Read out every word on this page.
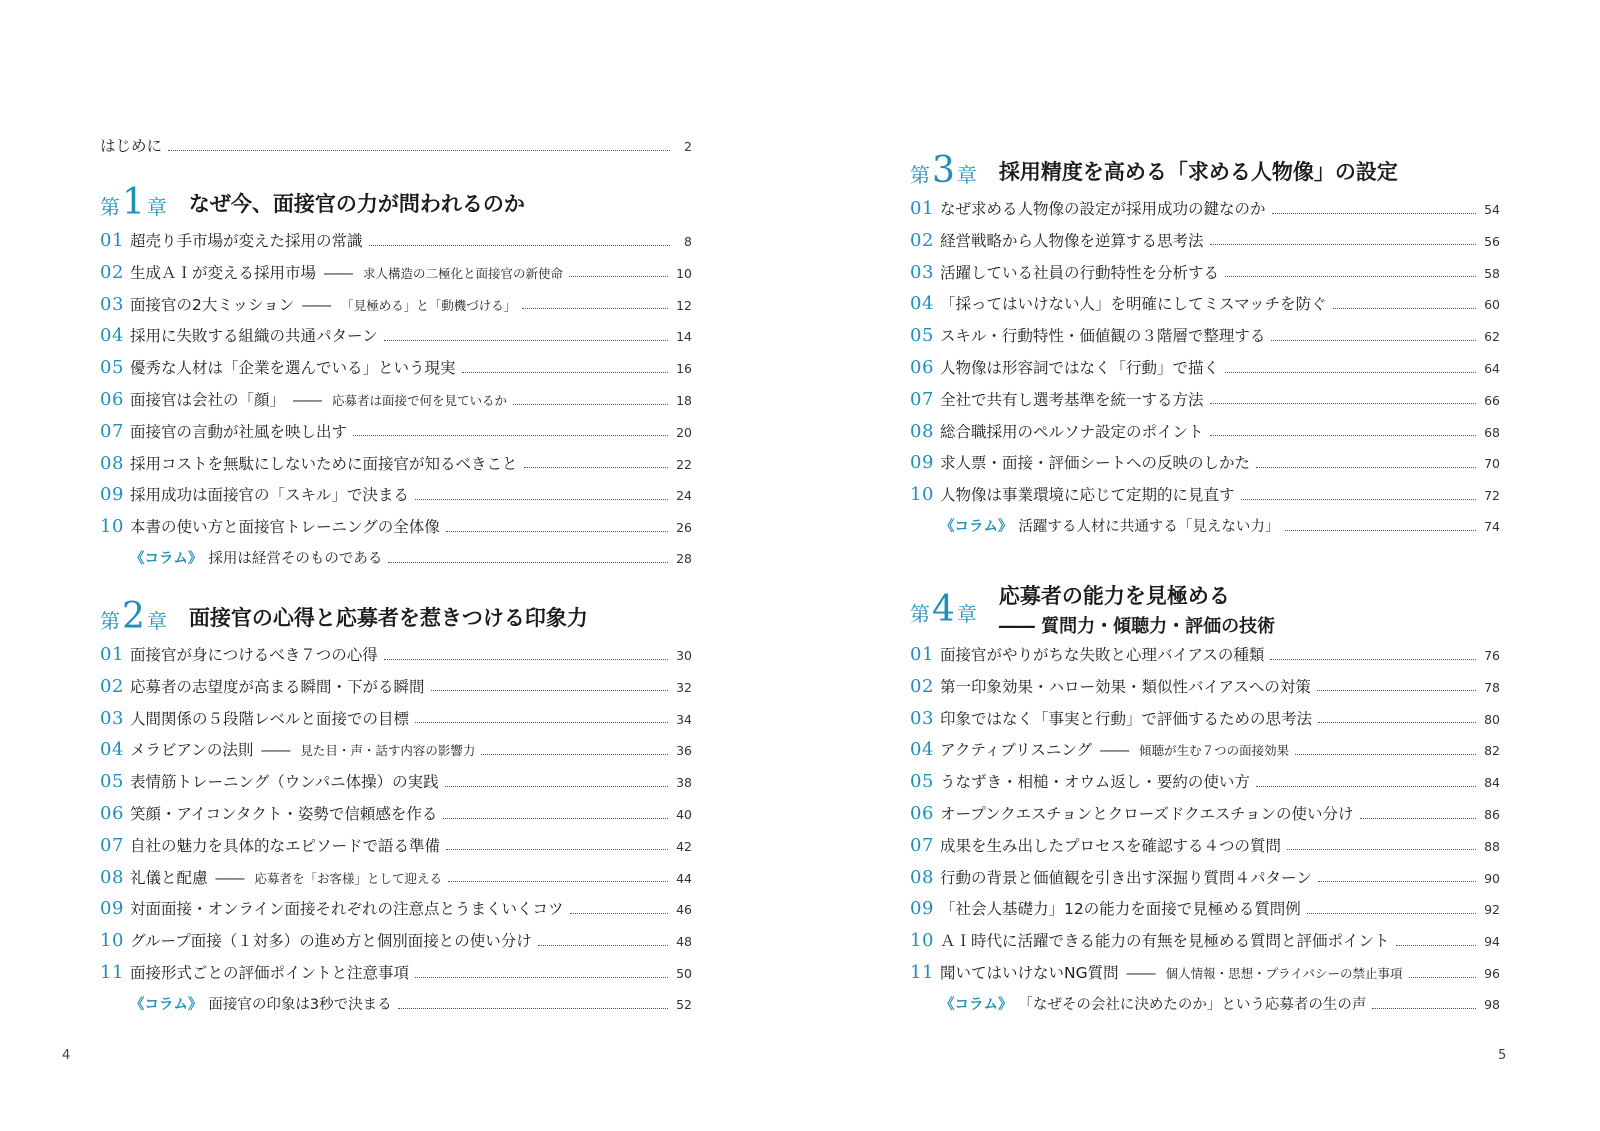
はじめに	2
第 1 章 なぜ今、面接官の力が問われるのか
01 超売り手市場が変えた採用の常識	8
02 生成ＡＩが変える採用市場 ―― 求人構造の二極化と面接官の新使命	10
03 面接官の2大ミッション ―― 「見極める」と「動機づける」	12
04 採用に失敗する組織の共通パターン	14
05 優秀な人材は「企業を選んでいる」という現実	16
06 面接官は会社の「顔」 ―― 応募者は面接で何を見ているか	18
07 面接官の言動が社風を映し出す	20
08 採用コストを無駄にしないために面接官が知るべきこと	22
09 採用成功は面接官の「スキル」で決まる	24
10 本書の使い方と面接官トレーニングの全体像	26
《コラム》 採用は経営そのものである	28
第 2 章 面接官の心得と応募者を惹きつける印象力
01 面接官が身につけるべき７つの心得	30
02 応募者の志望度が高まる瞬間・下がる瞬間	32
03 人間関係の５段階レベルと面接での目標	34
04 メラビアンの法則 ―― 見た目・声・話す内容の影響力	36
05 表情筋トレーニング（ウンパニ体操）の実践	38
06 笑顔・アイコンタクト・姿勢で信頼感を作る	40
07 自社の魅力を具体的なエピソードで語る準備	42
08 礼儀と配慮 ―― 応募者を「お客様」として迎える	44
09 対面面接・オンライン面接それぞれの注意点とうまくいくコツ	46
10 グループ面接（１対多）の進め方と個別面接との使い分け	48
11 面接形式ごとの評価ポイントと注意事項	50
《コラム》 面接官の印象は3秒で決まる	52
4
第 3 章 採用精度を高める「求める人物像」の設定
01 なぜ求める人物像の設定が採用成功の鍵なのか	54
02 経営戦略から人物像を逆算する思考法	56
03 活躍している社員の行動特性を分析する	58
04 「採ってはいけない人」を明確にしてミスマッチを防ぐ	60
05 スキル・行動特性・価値観の３階層で整理する	62
06 人物像は形容詞ではなく「行動」で描く	64
07 全社で共有し選考基準を統一する方法	66
08 総合職採用のペルソナ設定のポイント	68
09 求人票・面接・評価シートへの反映のしかた	70
10 人物像は事業環境に応じて定期的に見直す	72
《コラム》 活躍する人材に共通する「見えない力」	74
第 4 章
応募者の能力を見極める
―― 質問力・傾聴力・評価の技術
01 面接官がやりがちな失敗と心理バイアスの種類	76
02 第一印象効果・ハロー効果・類似性バイアスへの対策	78
03 印象ではなく「事実と行動」で評価するための思考法	80
04 アクティブリスニング ―― 傾聴が生む７つの面接効果	82
05 うなずき・相槌・オウム返し・要約の使い方	84
06 オープンクエスチョンとクローズドクエスチョンの使い分け	86
07 成果を生み出したプロセスを確認する４つの質問	88
08 行動の背景と価値観を引き出す深掘り質問４パターン	90
09 「社会人基礎力」12の能力を面接で見極める質問例	92
10 ＡＩ時代に活躍できる能力の有無を見極める質問と評価ポイント	94
11 聞いてはいけないNG質問 ―― 個人情報・思想・プライバシーの禁止事項	96
《コラム》 「なぜその会社に決めたのか」という応募者の生の声	98
5
